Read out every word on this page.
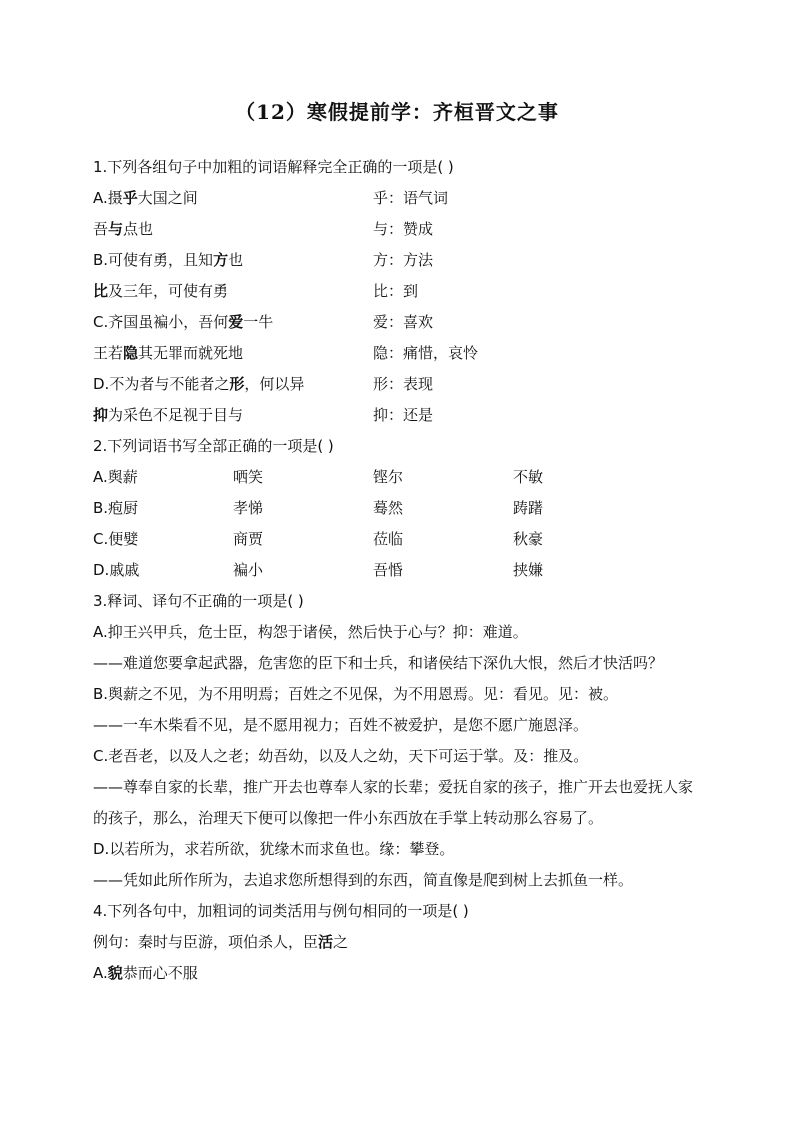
（12）寒假提前学：齐桓晋文之事
1.下列各组句子中加粗的词语解释完全正确的一项是( )
A.摄乎大国之间	乎：语气词
吾与点也	与：赞成
B.可使有勇，且知方也	方：方法
比及三年，可使有勇	比：到
C.齐国虽褊小，吾何爱一牛	爱：喜欢
王若隐其无罪而就死地	隐：痛惜，哀怜
D.不为者与不能者之形，何以异	形：表现
抑为采色不足视于目与	抑：还是
2.下列词语书写全部正确的一项是( )
A.舆薪	哂笑	铿尔	不敏
B.疱厨	孝悌	蓦然	踌躇
C.便嬖	商贾	莅临	秋豪
D.戚戚	褊小	吾惛	挟嫌
3.释词、译句不正确的一项是( )
A.抑王兴甲兵，危士臣，构怨于诸侯，然后快于心与？抑：难道。
——难道您要拿起武器，危害您的臣下和士兵，和诸侯结下深仇大恨，然后才快活吗？
B.舆薪之不见，为不用明焉；百姓之不见保，为不用恩焉。见：看见。见：被。
——一车木柴看不见，是不愿用视力；百姓不被爱护，是您不愿广施恩泽。
C.老吾老，以及人之老；幼吾幼，以及人之幼，天下可运于掌。及：推及。
——尊奉自家的长辈，推广开去也尊奉人家的长辈；爱抚自家的孩子，推广开去也爱抚人家的孩子，那么，治理天下便可以像把一件小东西放在手掌上转动那么容易了。
D.以若所为，求若所欲，犹缘木而求鱼也。缘：攀登。
——凭如此所作所为，去追求您所想得到的东西，简直像是爬到树上去抓鱼一样。
4.下列各句中，加粗词的词类活用与例句相同的一项是( )
例句：秦时与臣游，项伯杀人，臣活之
A.貌恭而心不服
